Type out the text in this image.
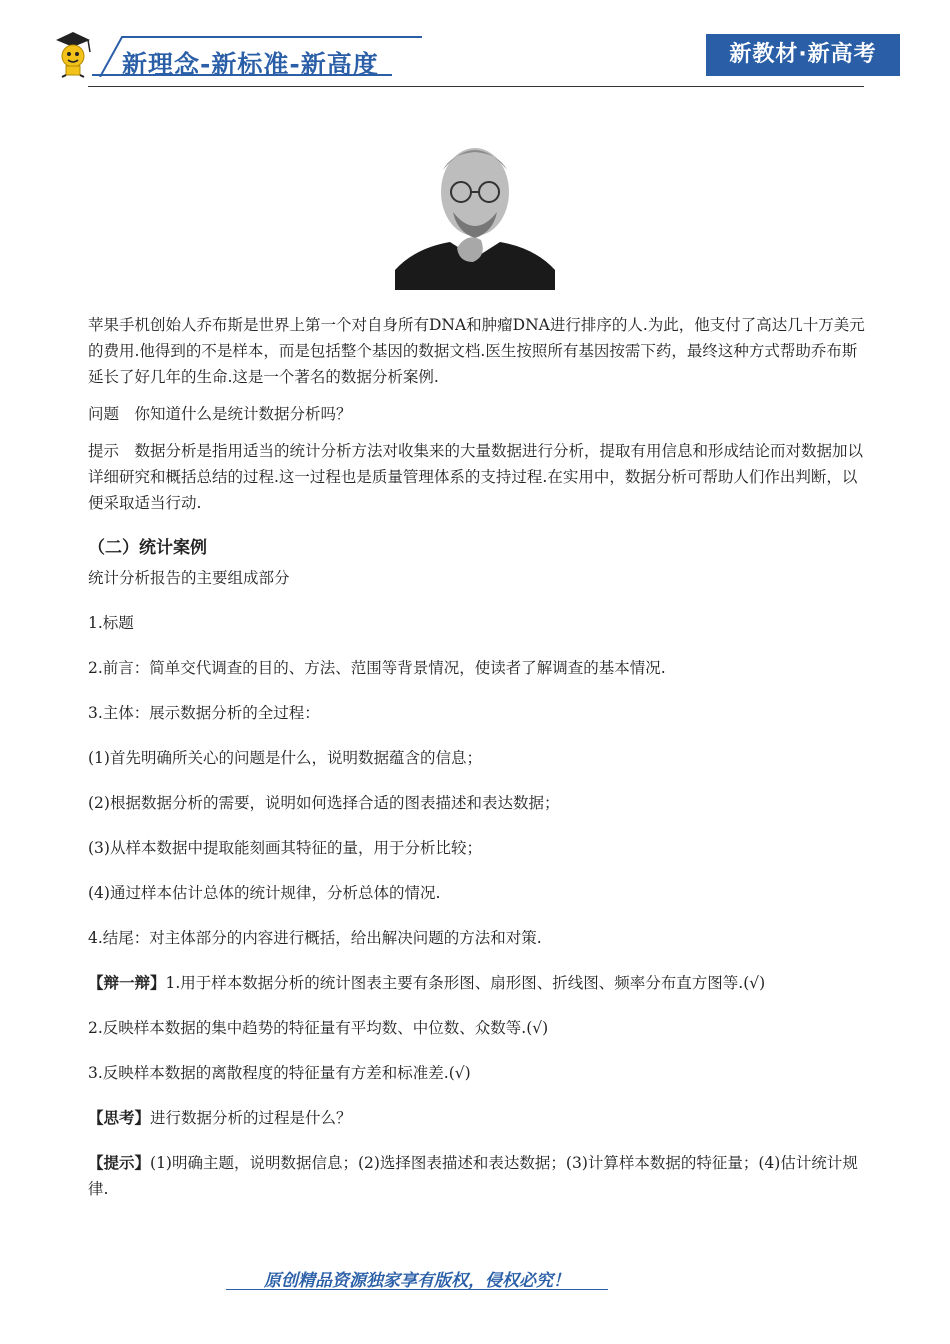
新理念-新标准-新高度	新教材·新高考

苹果手机创始人乔布斯是世界上第一个对自身所有DNA和肿瘤DNA进行排序的人.为此，他支付了高达几十万美元的费用.他得到的不是样本，而是包括整个基因的数据文档.医生按照所有基因按需下药，最终这种方式帮助乔布斯延长了好几年的生命.这是一个著名的数据分析案例.

问题　你知道什么是统计数据分析吗？

提示　数据分析是指用适当的统计分析方法对收集来的大量数据进行分析，提取有用信息和形成结论而对数据加以详细研究和概括总结的过程.这一过程也是质量管理体系的支持过程.在实用中，数据分析可帮助人们作出判断，以便采取适当行动.

（二）统计案例

统计分析报告的主要组成部分

1.标题

2.前言：简单交代调查的目的、方法、范围等背景情况，使读者了解调查的基本情况.

3.主体：展示数据分析的全过程：

(1)首先明确所关心的问题是什么，说明数据蕴含的信息；

(2)根据数据分析的需要，说明如何选择合适的图表描述和表达数据；

(3)从样本数据中提取能刻画其特征的量，用于分析比较；

(4)通过样本估计总体的统计规律，分析总体的情况.

4.结尾：对主体部分的内容进行概括，给出解决问题的方法和对策.

【辩一辩】1.用于样本数据分析的统计图表主要有条形图、扇形图、折线图、频率分布直方图等.(√)

2.反映样本数据的集中趋势的特征量有平均数、中位数、众数等.(√)

3.反映样本数据的离散程度的特征量有方差和标准差.(√)

【思考】进行数据分析的过程是什么？

【提示】(1)明确主题，说明数据信息；(2)选择图表描述和表达数据；(3)计算样本数据的特征量；(4)估计统计规律.

原创精品资源独家享有版权，侵权必究！
